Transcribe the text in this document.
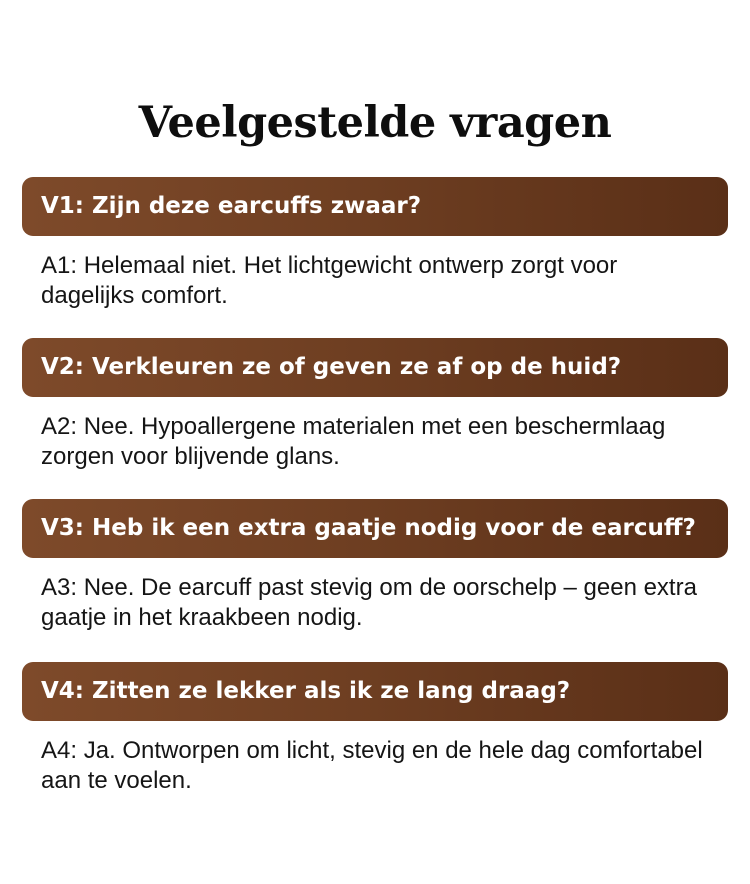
Veelgestelde vragen
V1: Zijn deze earcuffs zwaar?

A1: Helemaal niet. Het lichtgewicht ontwerp zorgt voor dagelijks comfort.

V2: Verkleuren ze of geven ze af op de huid?

A2: Nee. Hypoallergene materialen met een beschermlaag zorgen voor blijvende glans.

V3: Heb ik een extra gaatje nodig voor de earcuff?

A3: Nee. De earcuff past stevig om de oorschelp – geen extra gaatje in het kraakbeen nodig.

V4: Zitten ze lekker als ik ze lang draag?

A4: Ja. Ontworpen om licht, stevig en de hele dag comfortabel aan te voelen.
